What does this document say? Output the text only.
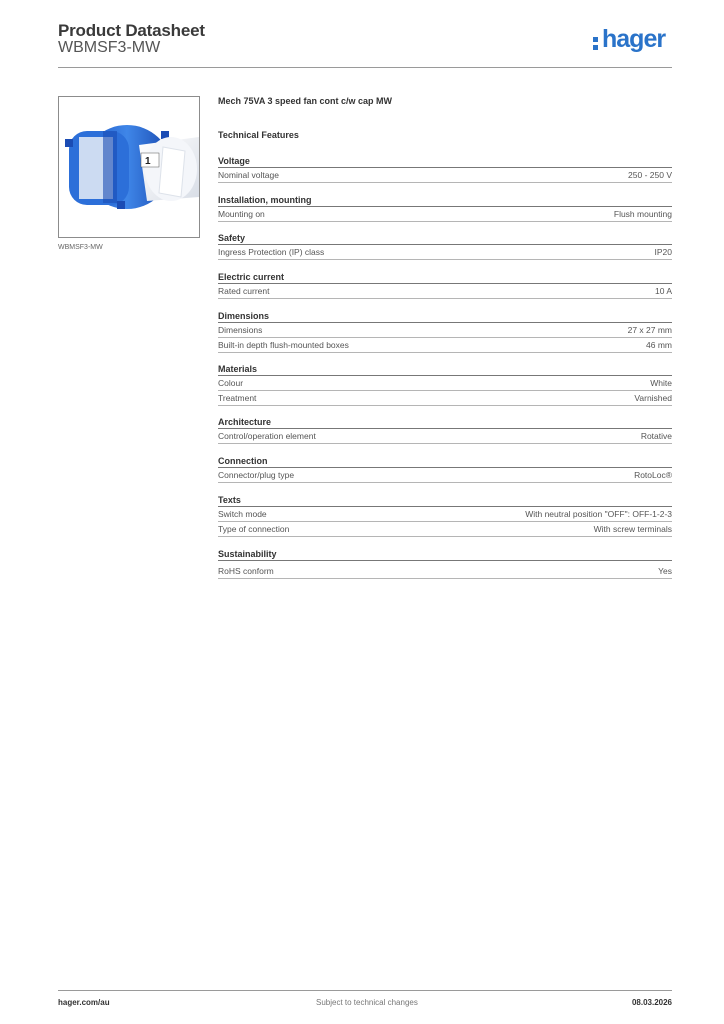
Product Datasheet
WBMSF3-MW	hager
1
WBMSF3-MW
Mech 75VA 3 speed fan cont c/w cap MW
Technical Features
Voltage
Nominal voltage	250 - 250 V
Installation, mounting
Mounting on	Flush mounting
Safety
Ingress Protection (IP) class	IP20
Electric current
Rated current	10 A
Dimensions
Dimensions	27 x 27 mm
Built-in depth flush-mounted boxes	46 mm
Materials
Colour	White
Treatment	Varnished
Architecture
Control/operation element	Rotative
Connection
Connector/plug type	RotoLoc®
Texts
Switch mode	With neutral position "OFF": OFF-1-2-3
Type of connection	With screw terminals
Sustainability
RoHS conform	Yes
hager.com/au	Subject to technical changes	08.03.2026
